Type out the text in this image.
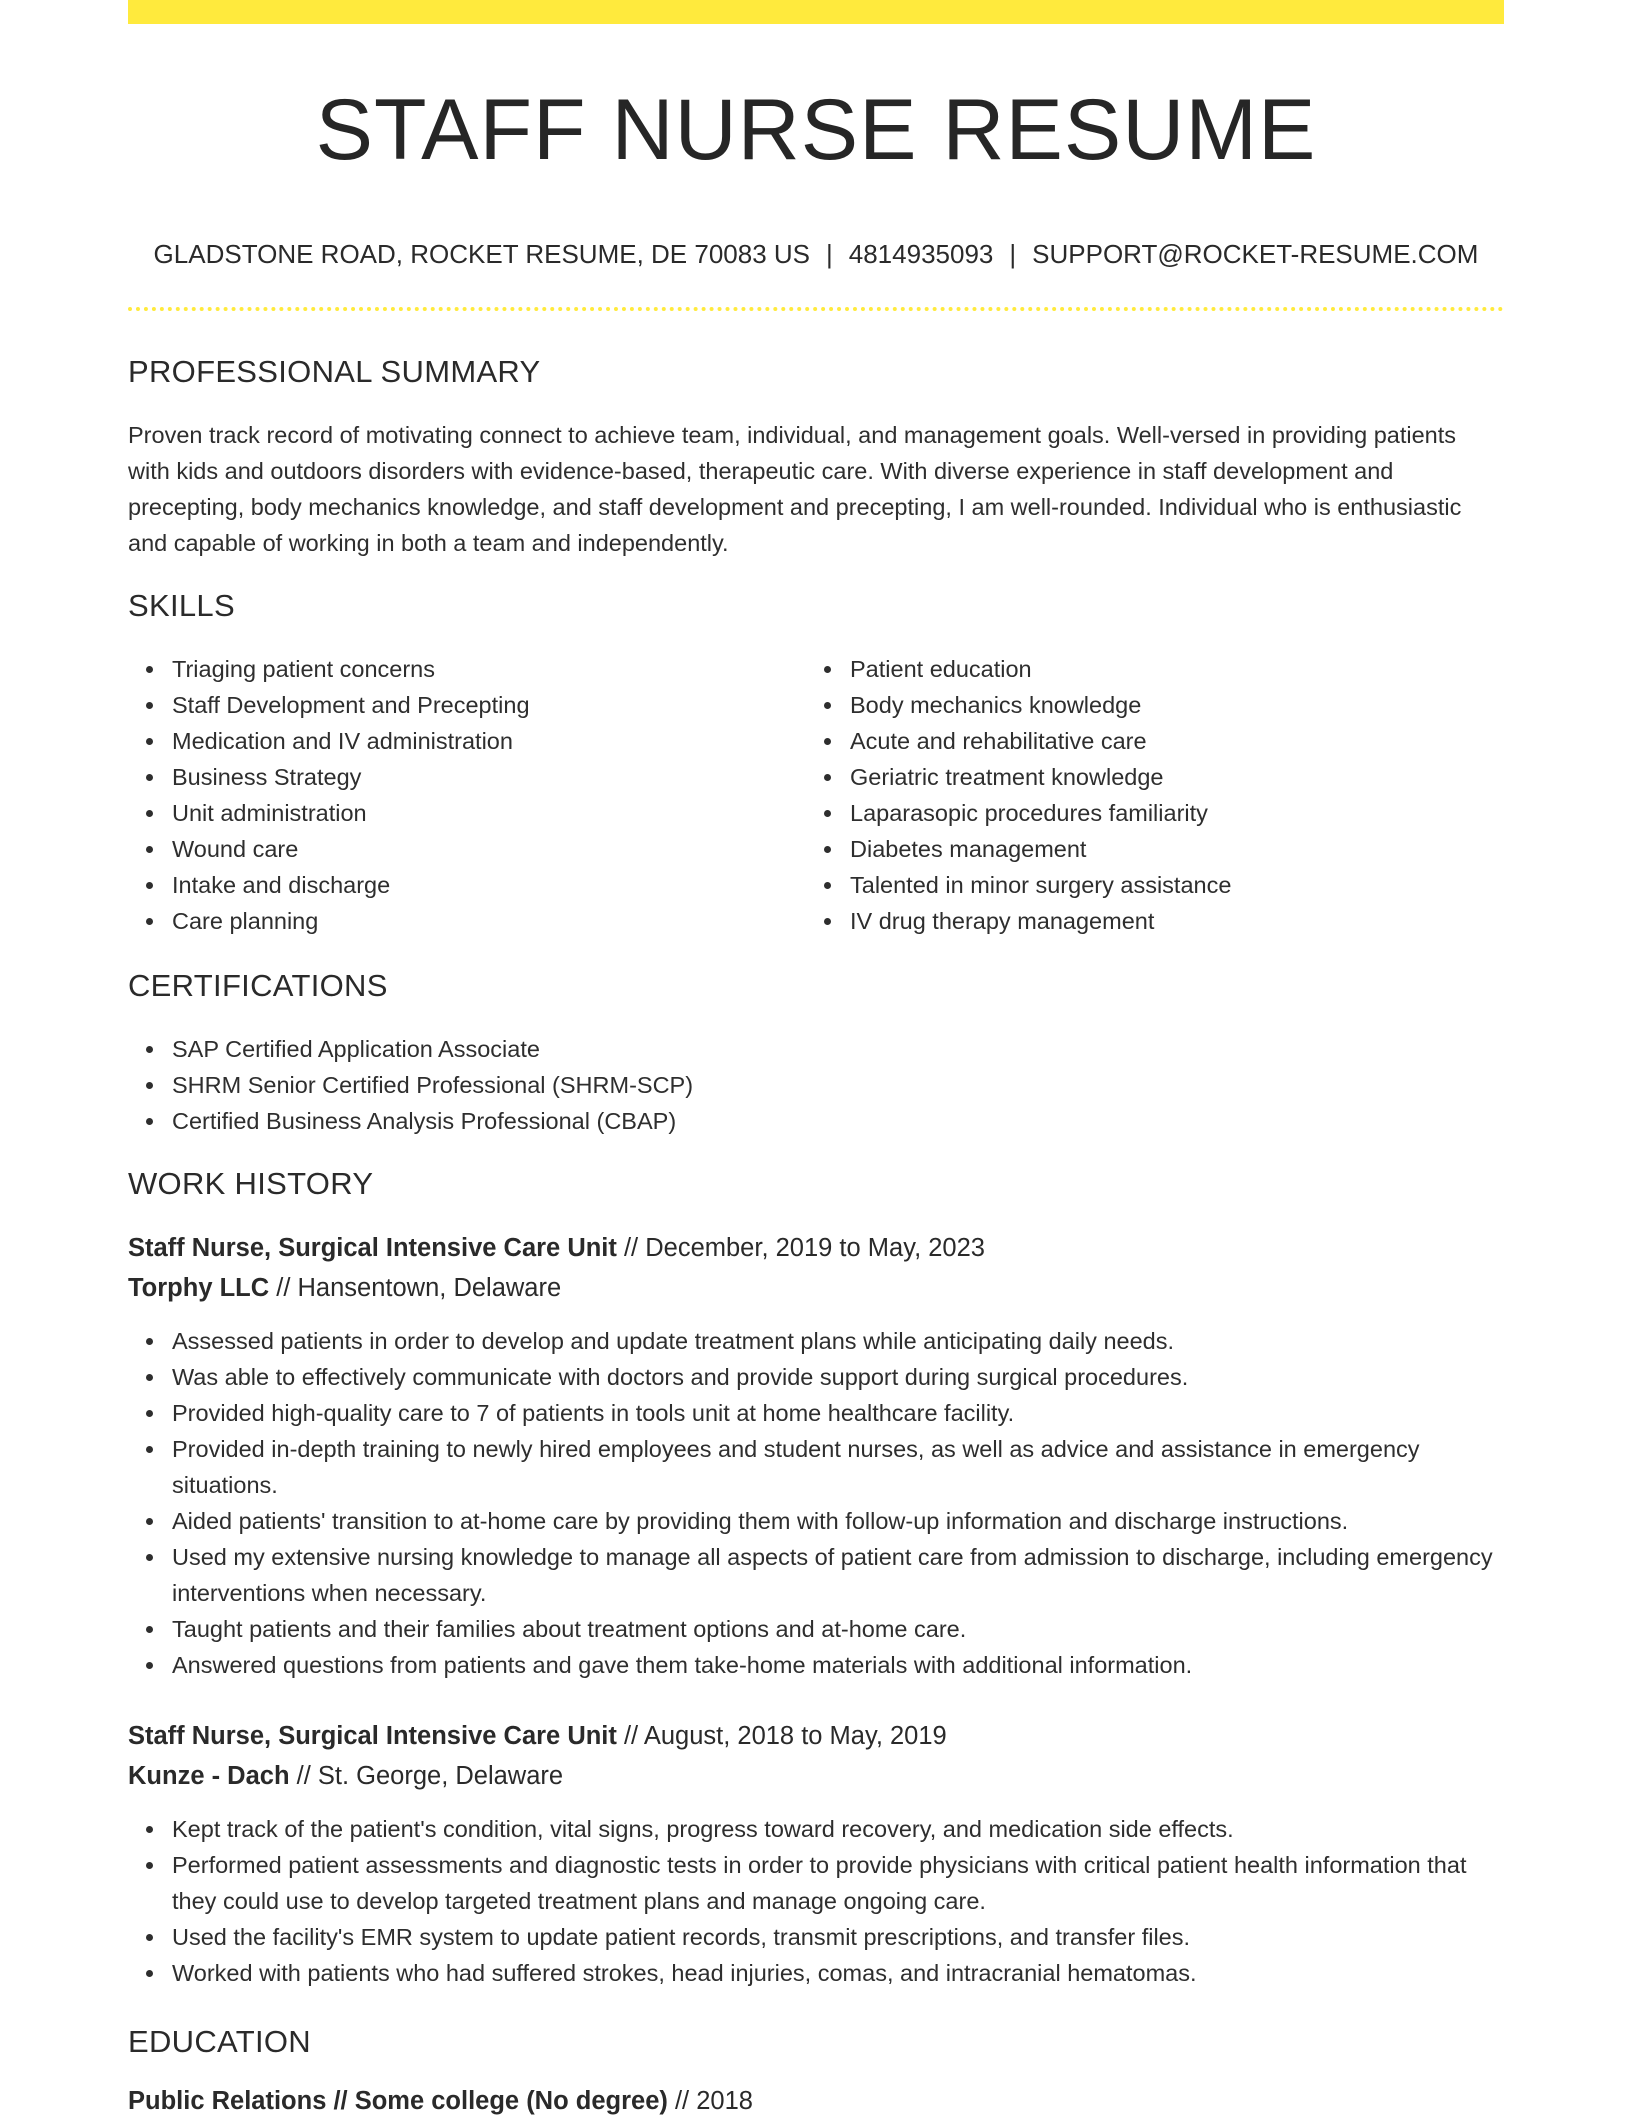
STAFF NURSE RESUME
GLADSTONE ROAD, ROCKET RESUME, DE 70083 US | 4814935093 | SUPPORT@ROCKET-RESUME.COM
PROFESSIONAL SUMMARY
Proven track record of motivating connect to achieve team, individual, and management goals. Well-versed in providing patients with kids and outdoors disorders with evidence-based, therapeutic care. With diverse experience in staff development and precepting, body mechanics knowledge, and staff development and precepting, I am well-rounded. Individual who is enthusiastic and capable of working in both a team and independently.
SKILLS
Triaging patient concerns
Staff Development and Precepting
Medication and IV administration
Business Strategy
Unit administration
Wound care
Intake and discharge
Care planning
Patient education
Body mechanics knowledge
Acute and rehabilitative care
Geriatric treatment knowledge
Laparasopic procedures familiarity
Diabetes management
Talented in minor surgery assistance
IV drug therapy management
CERTIFICATIONS
SAP Certified Application Associate
SHRM Senior Certified Professional (SHRM-SCP)
Certified Business Analysis Professional (CBAP)
WORK HISTORY
Staff Nurse, Surgical Intensive Care Unit // December, 2019 to May, 2023
Torphy LLC // Hansentown, Delaware
Assessed patients in order to develop and update treatment plans while anticipating daily needs.
Was able to effectively communicate with doctors and provide support during surgical procedures.
Provided high-quality care to 7 of patients in tools unit at home healthcare facility.
Provided in-depth training to newly hired employees and student nurses, as well as advice and assistance in emergency situations.
Aided patients' transition to at-home care by providing them with follow-up information and discharge instructions.
Used my extensive nursing knowledge to manage all aspects of patient care from admission to discharge, including emergency interventions when necessary.
Taught patients and their families about treatment options and at-home care.
Answered questions from patients and gave them take-home materials with additional information.
Staff Nurse, Surgical Intensive Care Unit // August, 2018 to May, 2019
Kunze - Dach // St. George, Delaware
Kept track of the patient's condition, vital signs, progress toward recovery, and medication side effects.
Performed patient assessments and diagnostic tests in order to provide physicians with critical patient health information that they could use to develop targeted treatment plans and manage ongoing care.
Used the facility's EMR system to update patient records, transmit prescriptions, and transfer files.
Worked with patients who had suffered strokes, head injuries, comas, and intracranial hematomas.
EDUCATION
Public Relations // Some college (No degree) // 2018
